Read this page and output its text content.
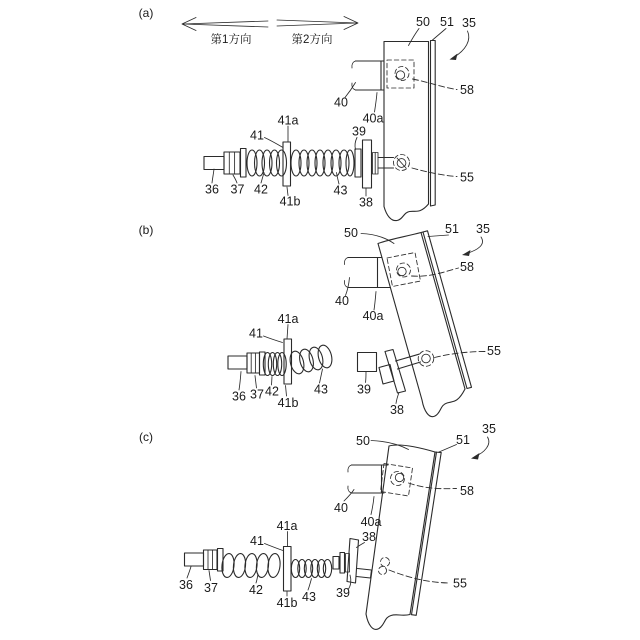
(a)
第1方向	第2方向
50 51 35
58
55
40
40a
41
41a
41b
42
37
36	43
38
39
(b)	50	51 35
58
55
40
40a
41
41a
41b
36 37 42	43 39
38
(c)	50	51
35
58
55
40
40a
38
41
41a
41b
36 37 42	43 39
